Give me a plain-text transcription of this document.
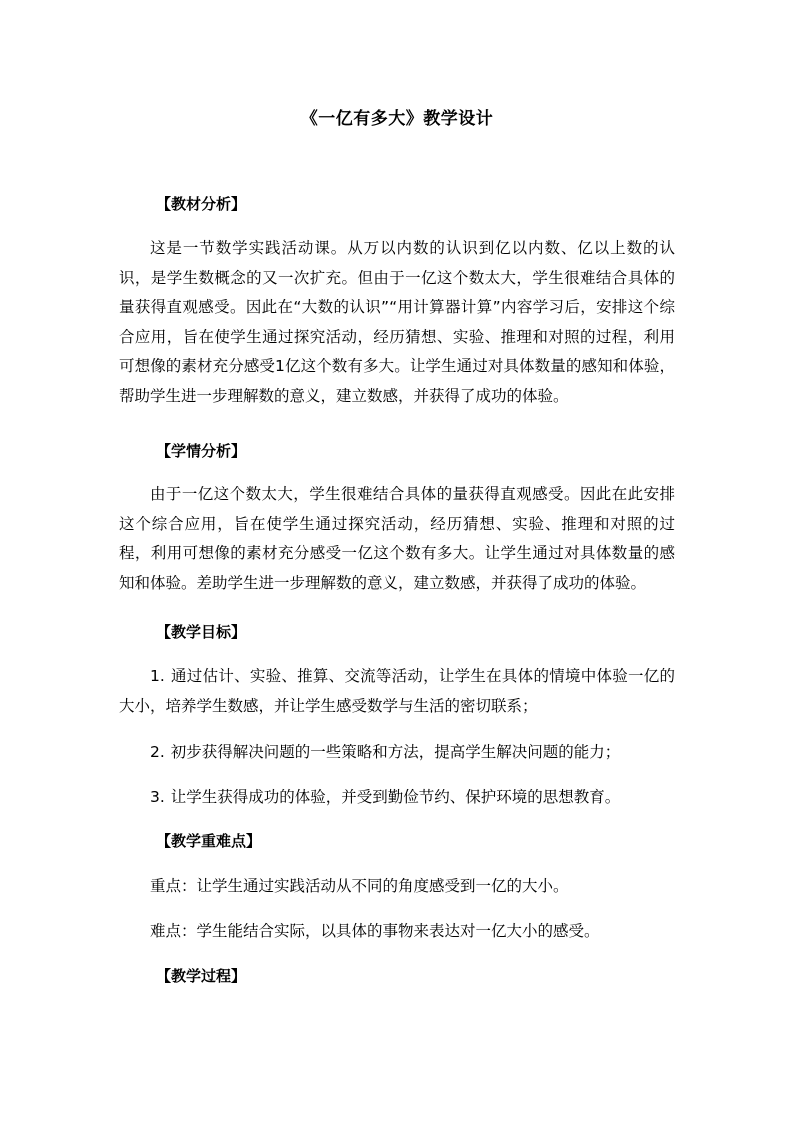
《一亿有多大》教学设计
【教材分析】
这是一节数学实践活动课。从万以内数的认识到亿以内数、亿以上数的认识，是学生数概念的又一次扩充。但由于一亿这个数太大，学生很难结合具体的量获得直观感受。因此在“大数的认识”“用计算器计算”内容学习后，安排这个综合应用，旨在使学生通过探究活动，经历猜想、实验、推理和对照的过程，利用可想像的素材充分感受1亿这个数有多大。让学生通过对具体数量的感知和体验，帮助学生进一步理解数的意义，建立数感，并获得了成功的体验。
【学情分析】
由于一亿这个数太大，学生很难结合具体的量获得直观感受。因此在此安排这个综合应用，旨在使学生通过探究活动，经历猜想、实验、推理和对照的过程，利用可想像的素材充分感受一亿这个数有多大。让学生通过对具体数量的感知和体验。差助学生进一步理解数的意义，建立数感，并获得了成功的体验。
【教学目标】
1. 通过估计、实验、推算、交流等活动，让学生在具体的情境中体验一亿的大小，培养学生数感，并让学生感受数学与生活的密切联系；
2. 初步获得解决问题的一些策略和方法，提高学生解决问题的能力；
3. 让学生获得成功的体验，并受到勤俭节约、保护环境的思想教育。
【教学重难点】
重点：让学生通过实践活动从不同的角度感受到一亿的大小。
难点：学生能结合实际，以具体的事物来表达对一亿大小的感受。
【教学过程】
